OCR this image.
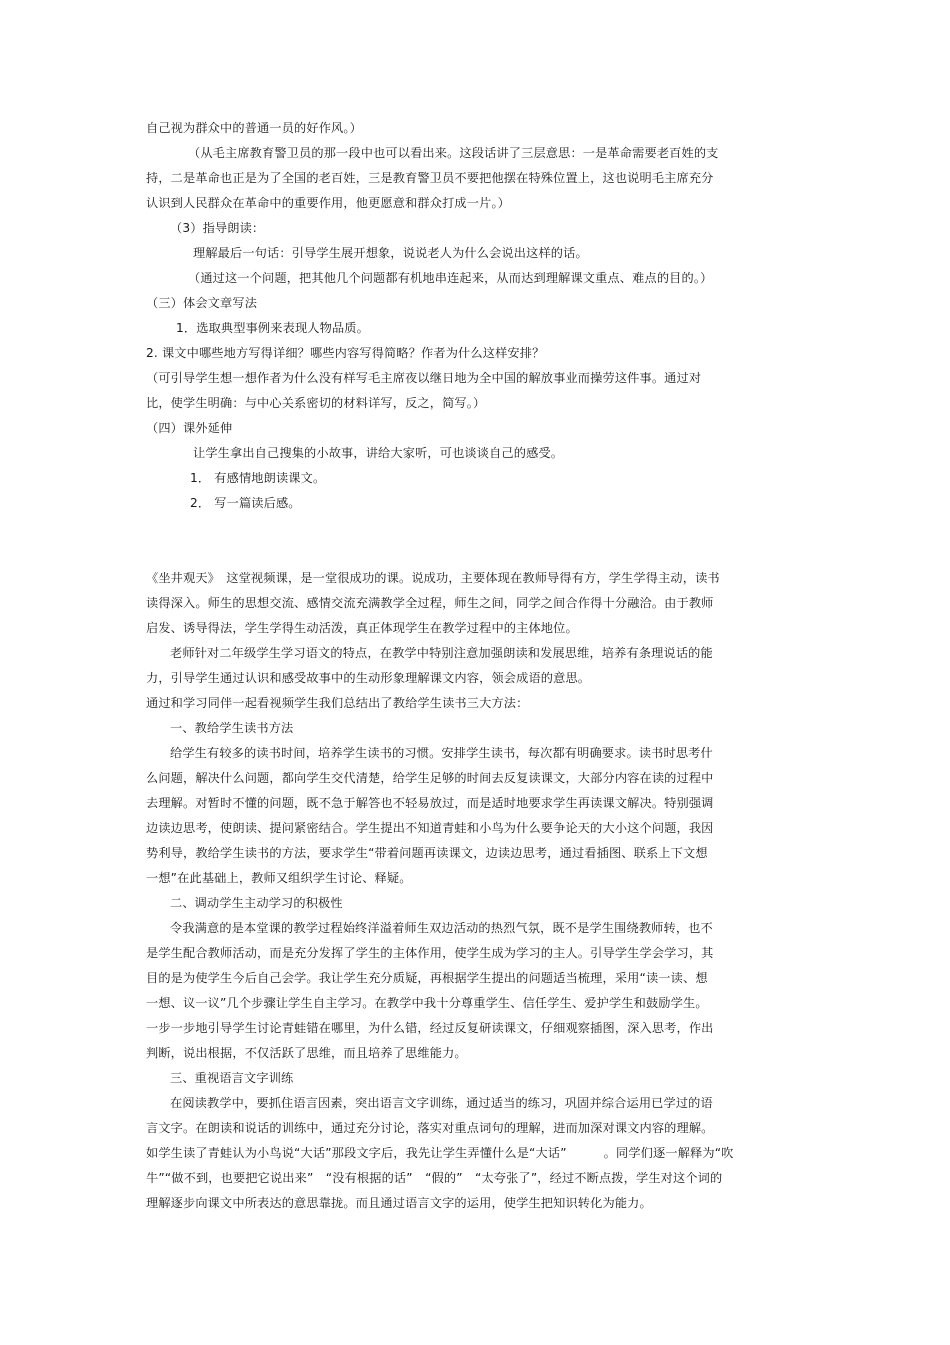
自己视为群众中的普通一员的好作风。）
（从毛主席教育警卫员的那一段中也可以看出来。这段话讲了三层意思：一是革命需要老百姓的支
持，二是革命也正是为了全国的老百姓，三是教育警卫员不要把他摆在特殊位置上，这也说明毛主席充分
认识到人民群众在革命中的重要作用，他更愿意和群众打成一片。）
（3）指导朗读：
理解最后一句话：引导学生展开想象，说说老人为什么会说出这样的话。
（通过这一个问题，把其他几个问题都有机地串连起来，从而达到理解课文重点、难点的目的。）
（三）体会文章写法
1．选取典型事例来表现人物品质。
2. 课文中哪些地方写得详细？哪些内容写得简略？作者为什么这样安排？
（可引导学生想一想作者为什么没有样写毛主席夜以继日地为全中国的解放事业而操劳这件事。通过对
比，使学生明确：与中心关系密切的材料详写，反之，简写。）
（四）课外延伸
让学生拿出自己搜集的小故事，讲给大家听，可也谈谈自己的感受。
1． 有感情地朗读课文。
2． 写一篇读后感。
《坐井观天》　这堂视频课，是一堂很成功的课。说成功，主要体现在教师导得有方，学生学得主动，读书
读得深入。师生的思想交流、感情交流充满教学全过程，师生之间，同学之间合作得十分融洽。由于教师
启发、诱导得法，学生学得生动活泼，真正体现学生在教学过程中的主体地位。
老师针对二年级学生学习语文的特点，在教学中特别注意加强朗读和发展思维，培养有条理说话的能
力，引导学生通过认识和感受故事中的生动形象理解课文内容，领会成语的意思。
通过和学习同伴一起看视频学生我们总结出了教给学生读书三大方法：
一、教给学生读书方法
给学生有较多的读书时间，培养学生读书的习惯。安排学生读书，每次都有明确要求。读书时思考什
么问题，解决什么问题，都向学生交代清楚，给学生足够的时间去反复读课文，大部分内容在读的过程中
去理解。对暂时不懂的问题，既不急于解答也不轻易放过，而是适时地要求学生再读课文解决。特别强调
边读边思考，使朗读、提问紧密结合。学生提出不知道青蛙和小鸟为什么要争论天的大小这个问题，我因
势利导，教给学生读书的方法，要求学生“带着问题再读课文，边读边思考，通过看插图、联系上下文想
一想”在此基础上，教师又组织学生讨论、释疑。
二、调动学生主动学习的积极性
令我满意的是本堂课的教学过程始终洋溢着师生双边活动的热烈气氛，既不是学生围绕教师转，也不
是学生配合教师活动，而是充分发挥了学生的主体作用，使学生成为学习的主人。引导学生学会学习，其
目的是为使学生今后自己会学。我让学生充分质疑，再根据学生提出的问题适当梳理，采用“读一读、想
一想、议一议”几个步骤让学生自主学习。在教学中我十分尊重学生、信任学生、爱护学生和鼓励学生。
一步一步地引导学生讨论青蛙错在哪里，为什么错，经过反复研读课文，仔细观察插图，深入思考，作出
判断，说出根据，不仅活跃了思维，而且培养了思维能力。
三、重视语言文字训练
在阅读教学中，要抓住语言因素，突出语言文字训练，通过适当的练习，巩固并综合运用已学过的语
言文字。在朗读和说话的训练中，通过充分讨论，落实对重点词句的理解，进而加深对课文内容的理解。
如学生读了青蛙认为小鸟说“大话”那段文字后，我先让学生弄懂什么是“大话”　　　。同学们逐一解释为“吹
牛”“做不到，也要把它说出来”　“没有根据的话”　“假的”　“太夸张了”，经过不断点拨，学生对这个词的
理解逐步向课文中所表达的意思靠拢。而且通过语言文字的运用，使学生把知识转化为能力。
